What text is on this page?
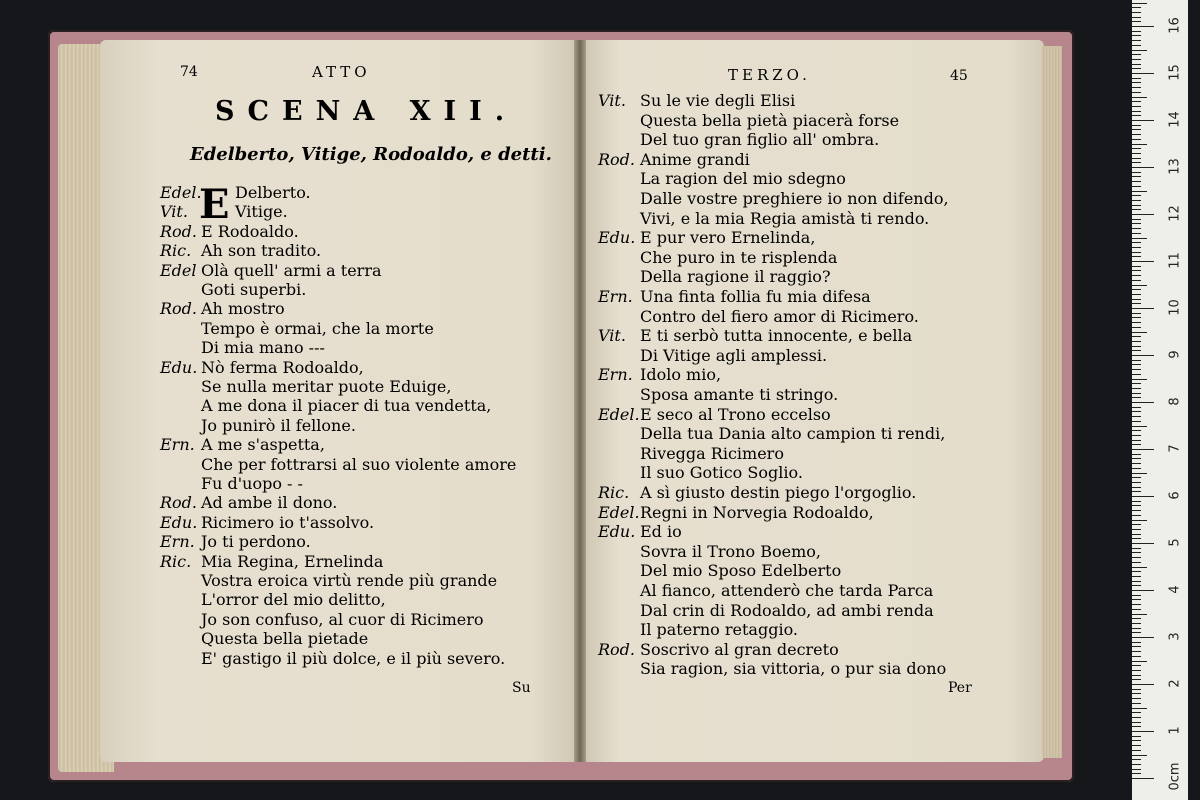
74	ATTO
SCENA XII.
Edelberto, Vitige, Rodoaldo, e detti.
E
Edel. Delberto.
Vit.	Vitige.
Rod. E Rodoaldo.
Ric. Ah son tradito.
Edel Olà quell' armi a terra
Goti superbi.
Rod. Ah mostro
Tempo è ormai, che la morte
Di mia mano ---
Edu. Nò ferma Rodoaldo,
Se nulla meritar puote Eduige,
A me dona il piacer di tua vendetta,
Jo punirò il fellone.
Ern. A me s'aspetta,
Che per fottrarsi al suo violente amore
Fu d'uopo - -
Rod. Ad ambe il dono.
Edu. Ricimero io t'assolvo.
Ern. Jo ti perdono.
Ric. Mia Regina, Ernelinda
Vostra eroica virtù rende più grande
L'orror del mio delitto,
Jo son confuso, al cuor di Ricimero
Questa bella pietade
E' gastigo il più dolce, e il più severo.
Su
TERZO.	45
Vit. Su le vie degli Elisi
Questa bella pietà piacerà forse
Del tuo gran figlio all' ombra.
Rod. Anime grandi
La ragion del mio sdegno
Dalle vostre preghiere io non difendo,
Vivi, e la mia Regia amistà ti rendo.
Edu. E pur vero Ernelinda,
Che puro in te risplenda
Della ragione il raggio?
Ern. Una finta follia fu mia difesa
Contro del fiero amor di Ricimero.
Vit. E ti serbò tutta innocente, e bella
Di Vitige agli amplessi.
Ern. Idolo mio,
Sposa amante ti stringo.
Edel.E seco al Trono eccelso
Della tua Dania alto campion ti rendi,
Rivegga Ricimero
Il suo Gotico Soglio.
Ric. A sì giusto destin piego l'orgoglio.
Edel.Regni in Norvegia Rodoaldo,
Edu. Ed io
Sovra il Trono Boemo,
Del mio Sposo Edelberto
Al fianco, attenderò che tarda Parca
Dal crin di Rodoaldo, ad ambi renda
Il paterno retaggio.
Rod. Soscrivo al gran decreto
Sia ragion, sia vittoria, o pur sia dono
Per
0cm
1
2
3
4
5
6
7
8
9
10
11
12
13
14
15
16
